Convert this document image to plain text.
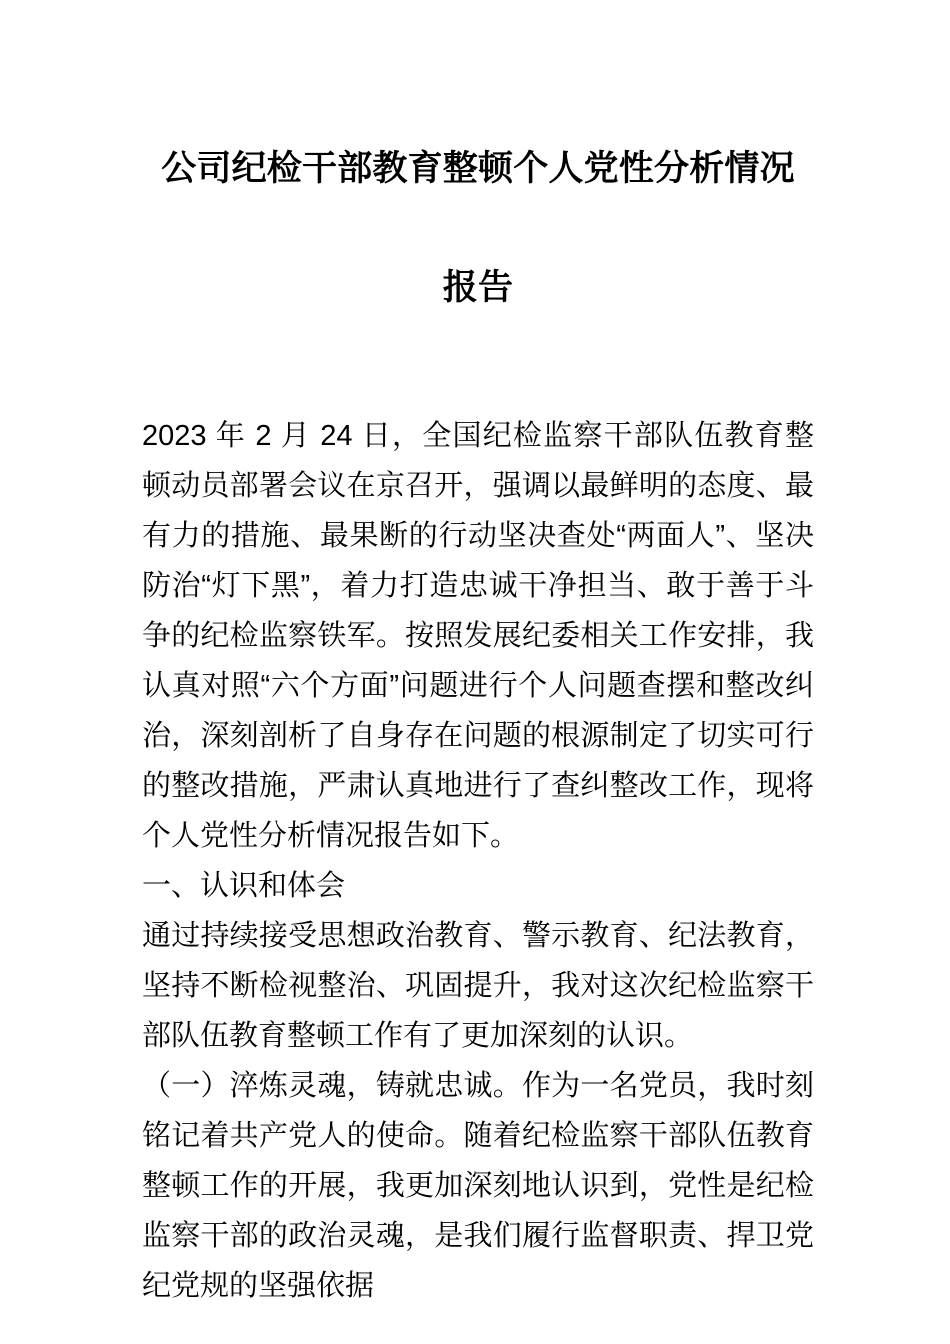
公司纪检干部教育整顿个人党性分析情况
报告

2023 年 2 月 24 日，全国纪检监察干部队伍教育整顿动员部署会议在京召开，强调以最鲜明的态度、最有力的措施、最果断的行动坚决查处“两面人”、坚决防治“灯下黑”，着力打造忠诚干净担当、敢于善于斗争的纪检监察铁军。按照发展纪委相关工作安排，我认真对照“六个方面”问题进行个人问题查摆和整改纠治，深刻剖析了自身存在问题的根源制定了切实可行的整改措施，严肃认真地进行了查纠整改工作，现将个人党性分析情况报告如下。

一、认识和体会

通过持续接受思想政治教育、警示教育、纪法教育，坚持不断检视整治、巩固提升，我对这次纪检监察干部队伍教育整顿工作有了更加深刻的认识。

（一）淬炼灵魂，铸就忠诚。作为一名党员，我时刻铭记着共产党人的使命。随着纪检监察干部队伍教育整顿工作的开展，我更加深刻地认识到，党性是纪检监察干部的政治灵魂，是我们履行监督职责、捍卫党纪党规的坚强依据
